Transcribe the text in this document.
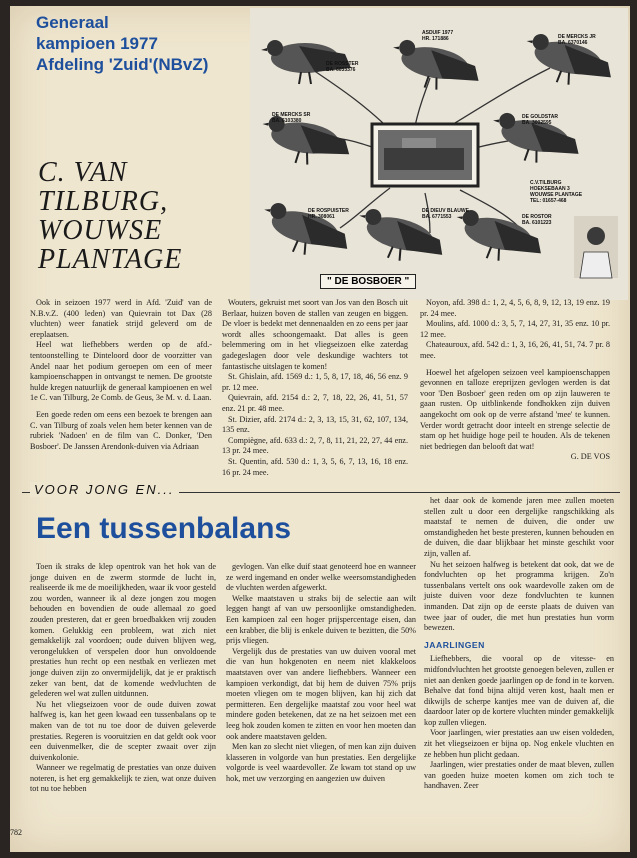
Generaal
kampioen 1977
Afdeling 'Zuid'(NBvZ)
C. VAN
TILBURG,
WOUWSE
PLANTAGE
DE ROSSTER
BA. 6033376
ASDUIF 1977
HR. 171886	DE MERCKS JR
BA. 6370146
DE MERCKS SR
BA. 6103380
DE GOLDSTAR
BA. 3002595
C.V.TILBURG
HOEKSEBAAN 3
WOUWSE PLANTAGE
TEL: 01657-468
DE ROSPUISTER
HR. 308061
DE DIEUV BLAUWE
BA. 6771553	DE ROSTOR
BA. 6101223
" DE BOSBOER "

Ook in seizoen 1977 werd in Afd. 'Zuid' van de N.B.v.Z. (400 leden) van Quievrain tot Dax (28 vluchten) weer fanatiek strijd geleverd om de ereplaatsen.

Heel wat liefhebbers werden op de afd.-tentoonstelling te Dinteloord door de voorzitter van Andel naar het podium geroepen om een of meer kampioenschappen in ontvangst te nemen. De grootste hulde kregen natuurlijk de generaal kampioenen en wel 1e C. van Tilburg, 2e Comb. de Geus, 3e M. v. d. Laan.

Een goede reden om eens een bezoek te brengen aan C. van Tilburg of zoals velen hem beter kennen van de rubriek 'Nadoen' en de film van C. Donker, 'Den Bosboer'. De Janssen Arendonk-duiven via Adriaan

Wouters, gekruist met soort van Jos van den Bosch uit Berlaar, huizen boven de stallen van zeugen en biggen. De vloer is bedekt met dennenaalden en zo eens per jaar wordt alles schoongemaakt. Dat alles is geen belemmering om in het vliegseizoen elke zaterdag gadegeslagen door vele deskundige wachters tot fantastische uitslagen te komen!

St. Ghislain, afd. 1569 d.: 1, 5, 8, 17, 18, 46, 56 enz. 9 pr. 12 mee.

Quievrain, afd. 2154 d.: 2, 7, 18, 22, 26, 41, 51, 57 enz. 21 pr. 48 mee.

St. Dizier, afd. 2174 d.: 2, 3, 13, 15, 31, 62, 107, 134, 135 enz.

Compiègne, afd. 633 d.: 2, 7, 8, 11, 21, 22, 27, 44 enz. 13 pr. 24 mee.

St. Quentin, afd. 530 d.: 1, 3, 5, 6, 7, 13, 16, 18 enz. 16 pr. 24 mee.

Noyon, afd. 398 d.: 1, 2, 4, 5, 6, 8, 9, 12, 13, 19 enz. 19 pr. 24 mee.

Moulins, afd. 1000 d.: 3, 5, 7, 14, 27, 31, 35 enz. 10 pr. 12 mee.

Chateauroux, afd. 542 d.: 1, 3, 16, 26, 41, 51, 74. 7 pr. 8 mee.

Hoewel het afgelopen seizoen veel kampioenschappen gevonnen en talloze ereprijzen gevlogen werden is dat voor 'Den Bosboer' geen reden om op zijn lauweren te gaan rusten. Op uitblinkende fondhokken zijn duiven aangekocht om ook op de verre afstand 'mee' te kunnen. Verder wordt getracht door inteelt en strenge selectie de stam op het huidige hoge peil te houden. Als de tekenen niet bedriegen dan belooft dat wat!

G. DE VOS
VOOR JONG EN...
Een tussenbalans

Toen ik straks de klep opentrok van het hok van de jonge duiven en de zwerm stormde de lucht in, realiseerde ik me de moeilijkheden, waar ik voor gesteld zou worden, wanneer ik al deze jongen zou mogen behouden en bovendien de oude allemaal zo goed zouden presteren, dat er geen broedbakken vrij zouden komen. Gelukkig een probleem, wat zich niet gemakkelijk zal voordoen; oude duiven blijven weg, verongelukken of verspelen door hun onvoldoende prestaties hun recht op een nestbak en verliezen met jonge duiven zijn zo onvermijdelijk, dat je er praktisch zeker van bent, dat de komende wedvluchten de gelederen wel wat zullen uitdunnen.

Nu het vliegseizoen voor de oude duiven zowat halfweg is, kan het geen kwaad een tussenbalans op te maken van de tot nu toe door de duiven geleverde prestaties. Regeren is vooruitzien en dat geldt ook voor een duivenmelker, die de scepter zwaait over zijn duivenkolonie.

Wanneer we regelmatig de prestaties van onze duiven noteren, is het erg gemakkelijk te zien, wat onze duiven tot nu toe hebben

gevlogen. Van elke duif staat genoteerd hoe en wanneer ze werd ingemand en onder welke weersomstandigheden de vluchten werden afgewerkt.

Welke maatstaven u straks bij de selectie aan wilt leggen hangt af van uw persoonlijke omstandigheden. Een kampioen zal een hoger prijspercentage eisen, dan een krabber, die blij is enkele duiven te bezitten, die 50% prijs vliegen.

Vergelijk dus de prestaties van uw duiven vooral met die van hun hokgenoten en neem niet klakkeloos maatstaven over van andere liefhebbers. Wanneer een kampioen verkondigt, dat bij hem de duiven 75% prijs moeten vliegen om te mogen blijven, kan hij zich dat permitteren. Een dergelijke maatstaf zou voor heel wat mindere goden betekenen, dat ze na het seizoen met een leeg hok zouden komen te zitten en voor hen moeten dan ook andere maatstaven gelden.

Men kan zo slecht niet vliegen, of men kan zijn duiven klasseren in volgorde van hun prestaties. Een dergelijke volgorde is veel waardevoller. Ze kwam tot stand op uw hok, met uw verzorging en aangezien uw duiven

het daar ook de komende jaren mee zullen moeten stellen zult u door een dergelijke rangschikking als maatstaf te nemen de duiven, die onder uw omstandigheden het beste presteren, kunnen behouden en de duiven, die daar blijkbaar het minste geschikt voor zijn, vallen af.

Nu het seizoen halfweg is betekent dat ook, dat we de fondvluchten op het programma krijgen. Zo'n tussenbalans vertelt ons ook waardevolle zaken om de juiste duiven voor deze fondvluchten te kunnen inmanden. Dat zijn op de eerste plaats de duiven van twee jaar of ouder, die met hun prestaties hun vorm bewezen.

JAARLINGEN

Liefhebbers, die vooral op de vitesse- en midfondvluchten het grootste genoegen beleven, zullen er niet aan denken goede jaarlingen op de fond in te korven. Behalve dat fond bijna altijd veren kost, haalt men er dikwijls de scherpe kantjes mee van de duiven af, die daardoor later op de kortere vluchten minder gemakkelijk kop zullen vliegen.

Voor jaarlingen, wier prestaties aan uw eisen voldeden, zit het vliegseizoen er bijna op. Nog enkele vluchten en ze hebben hun plicht gedaan.

Jaarlingen, wier prestaties onder de maat bleven, zullen van goeden huize moeten komen om zich toch te handhaven. Zeer

782
